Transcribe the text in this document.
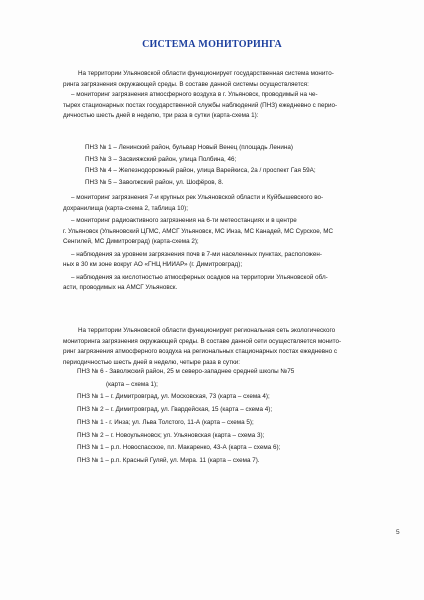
СИСТЕМА МОНИТОРИНГА

На территории Ульяновской области функционирует государственная система монито-

ринга загрязнения окружающей среды. В составе данной системы осуществляется:

– мониторинг загрязнения атмосферного воздуха в г. Ульяновск, проводимый на че-

тырех стационарных постах государственной службы наблюдений (ПНЗ) ежедневно с перио-

дичностью шесть дней в неделю, три раза в сутки (карта-схема 1):

ПНЗ № 1 – Ленинский район, бульвар Новый Венец (площадь Ленина)

ПНЗ № 3 – Засвияжский район, улица Полбина, 46;

ПНЗ № 4 – Железнодорожный район, улица Варейкиса, 2а / проспект Гая 59А;

ПНЗ № 5 – Заволжский район, ул. Шофёров, 8.

– мониторинг загрязнения 7-и крупных рек Ульяновской области и Куйбышевского во-

дохранилища (карта-схема 2, таблица 10);

– мониторинг радиоактивного загрязнения на 6-ти метеостанциях и в центре

г. Ульяновск (Ульяновский ЦГМС, АМСГ Ульяновск, МС Инза, МС Канадей, МС Сурское, МС

Сенгилей, МС Димитровград) (карта-схема 2);

– наблюдения за уровнем загрязнения почв в 7-ми населенных пунктах, расположен-

ных в 30 км зоне вокруг АО «ГНЦ НИИАР» (г. Димитровград);

– наблюдения за кислотностью атмосферных осадков на территории Ульяновской обл-

асти, проводимых на АМСГ Ульяновск.

На территории Ульяновской области функционирует региональная сеть экологического

мониторинга загрязнения окружающей среды. В составе данной сети осуществляется монито-

ринг загрязнения атмосферного воздуха на региональных стационарных постах ежедневно с

периодичностью шесть дней в неделю, четыре раза в сутки:

ПНЗ № 6 - Заволжский район, 25 м северо-западнее средней школы №75

(карта – схема 1);

ПНЗ № 1 – г. Димитровград, ул. Московская, 73 (карта – схема 4);

ПНЗ № 2 – г. Димитровград, ул. Гвардейская, 15 (карта – схема 4);

ПНЗ № 1 - г. Инза; ул. Льва Толстого, 11-А (карта – схема 5);

ПНЗ № 2 – г. Новоульяновск; ул. Ульяновская (карта – схема 3);

ПНЗ № 1 – р.п. Новоспасское, пл. Макаренко, 43-А (карта – схема 6);

ПНЗ № 1 – р.п. Красный Гуляй, ул. Мира. 11 (карта – схема 7).

5
